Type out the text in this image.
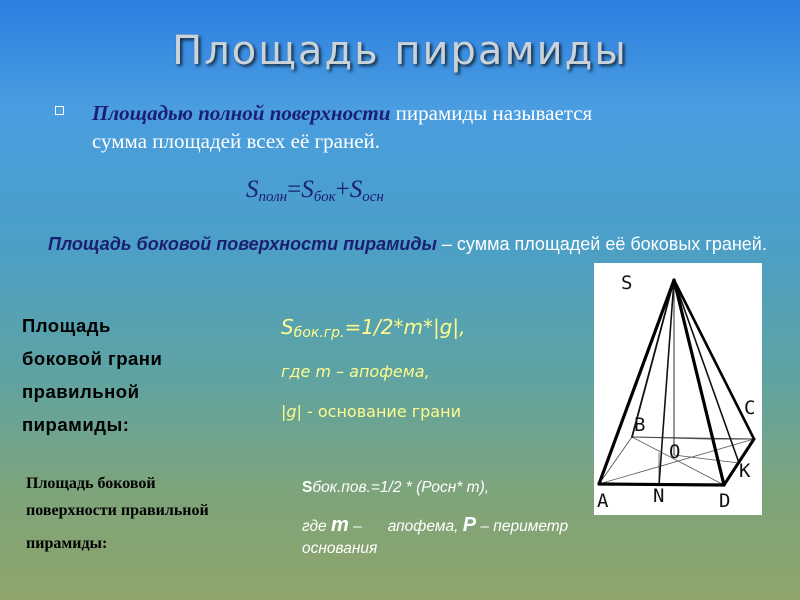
Площадь пирамиды
Площадью полной поверхности пирамиды называется
сумма площадей всех её граней.
$S_{полн}=S_{бок}+S_{осн}$
Площадь боковой поверхности пирамиды – сумма площадей её боковых граней.
S
A
B
C
D
N
O
K
Площадь
боковой грани
правильной
пирамиды:
$S_{бок.гр.}=1/2*m*|g|$,
где m – апофема,
|g| - основание грани
Площадь боковой
поверхности правильной
пирамиды:
Sбок.пов.=1/2 * (Росн* m),
где m – апофема, Р – периметр
основания
